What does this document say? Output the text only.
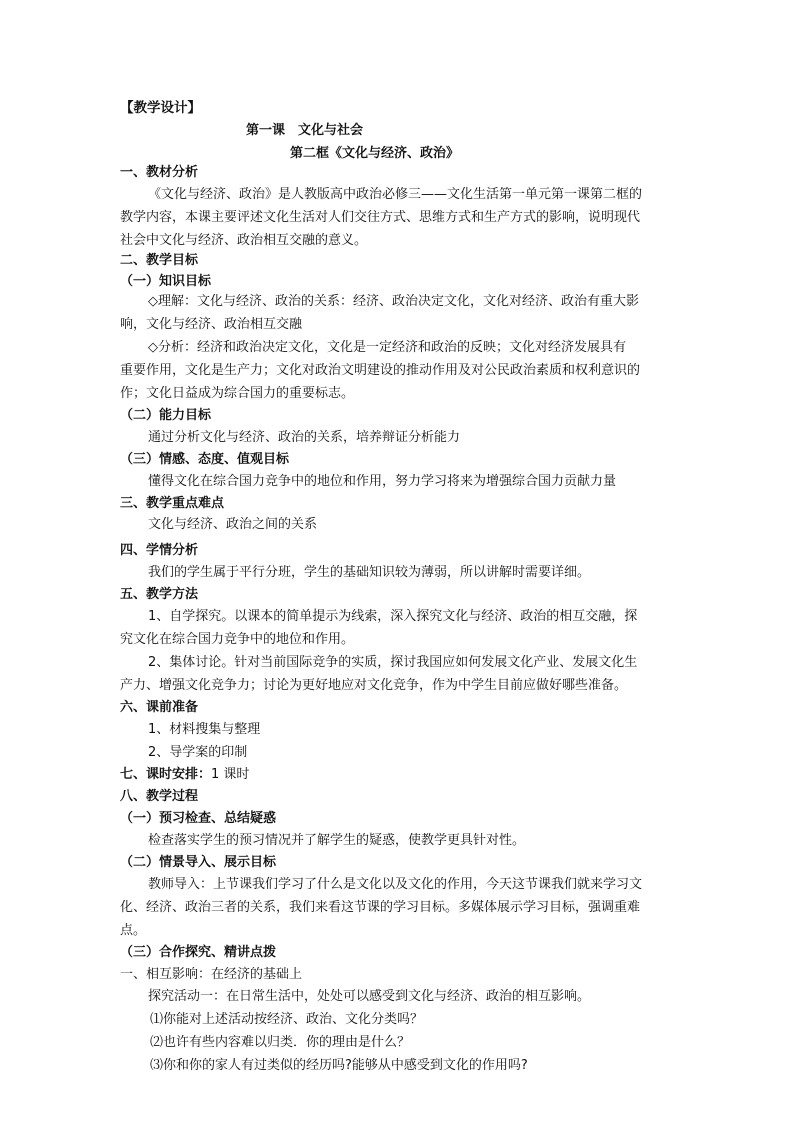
【教学设计】
第一课　文化与社会
第二框《文化与经济、政治》
一、教材分析
《文化与经济、政治》是人教版高中政治必修三——文化生活第一单元第一课第二框的
教学内容，本课主要评述文化生活对人们交往方式、思维方式和生产方式的影响，说明现代
社会中文化与经济、政治相互交融的意义。
二、教学目标
（一）知识目标
◇理解：文化与经济、政治的关系：经济、政治决定文化，文化对经济、政治有重大影
响，文化与经济、政治相互交融
◇分析：经济和政治决定文化，文化是一定经济和政治的反映；文化对经济发展具有
重要作用，文化是生产力；文化对政治文明建设的推动作用及对公民政治素质和权利意识的
作；文化日益成为综合国力的重要标志。
（二）能力目标
通过分析文化与经济、政治的关系，培养辩证分析能力
（三）情感、态度、值观目标
懂得文化在综合国力竞争中的地位和作用，努力学习将来为增强综合国力贡献力量
三、教学重点难点
文化与经济、政治之间的关系
四、学情分析
我们的学生属于平行分班，学生的基础知识较为薄弱，所以讲解时需要详细。
五、教学方法
1、自学探究。以课本的简单提示为线索，深入探究文化与经济、政治的相互交融，探
究文化在综合国力竞争中的地位和作用。
2、集体讨论。针对当前国际竞争的实质，探讨我国应如何发展文化产业、发展文化生
产力、增强文化竞争力；讨论为更好地应对文化竞争，作为中学生目前应做好哪些准备。
六、课前准备
1、材料搜集与整理
2、导学案的印制
七、课时安排：1 课时
八、教学过程
（一）预习检查、总结疑惑
检查落实学生的预习情况并了解学生的疑惑，使教学更具针对性。
（二）情景导入、展示目标
教师导入：上节课我们学习了什么是文化以及文化的作用，今天这节课我们就来学习文
化、经济、政治三者的关系，我们来看这节课的学习目标。多媒体展示学习目标，强调重难
点。
（三）合作探究、精讲点拨
一、相互影响：在经济的基础上
探究活动一：在日常生活中，处处可以感受到文化与经济、政治的相互影响。
⑴你能对上述活动按经济、政治、文化分类吗？
⑵也许有些内容难以归类．你的理由是什么？
⑶你和你的家人有过类似的经历吗?能够从中感受到文化的作用吗?
